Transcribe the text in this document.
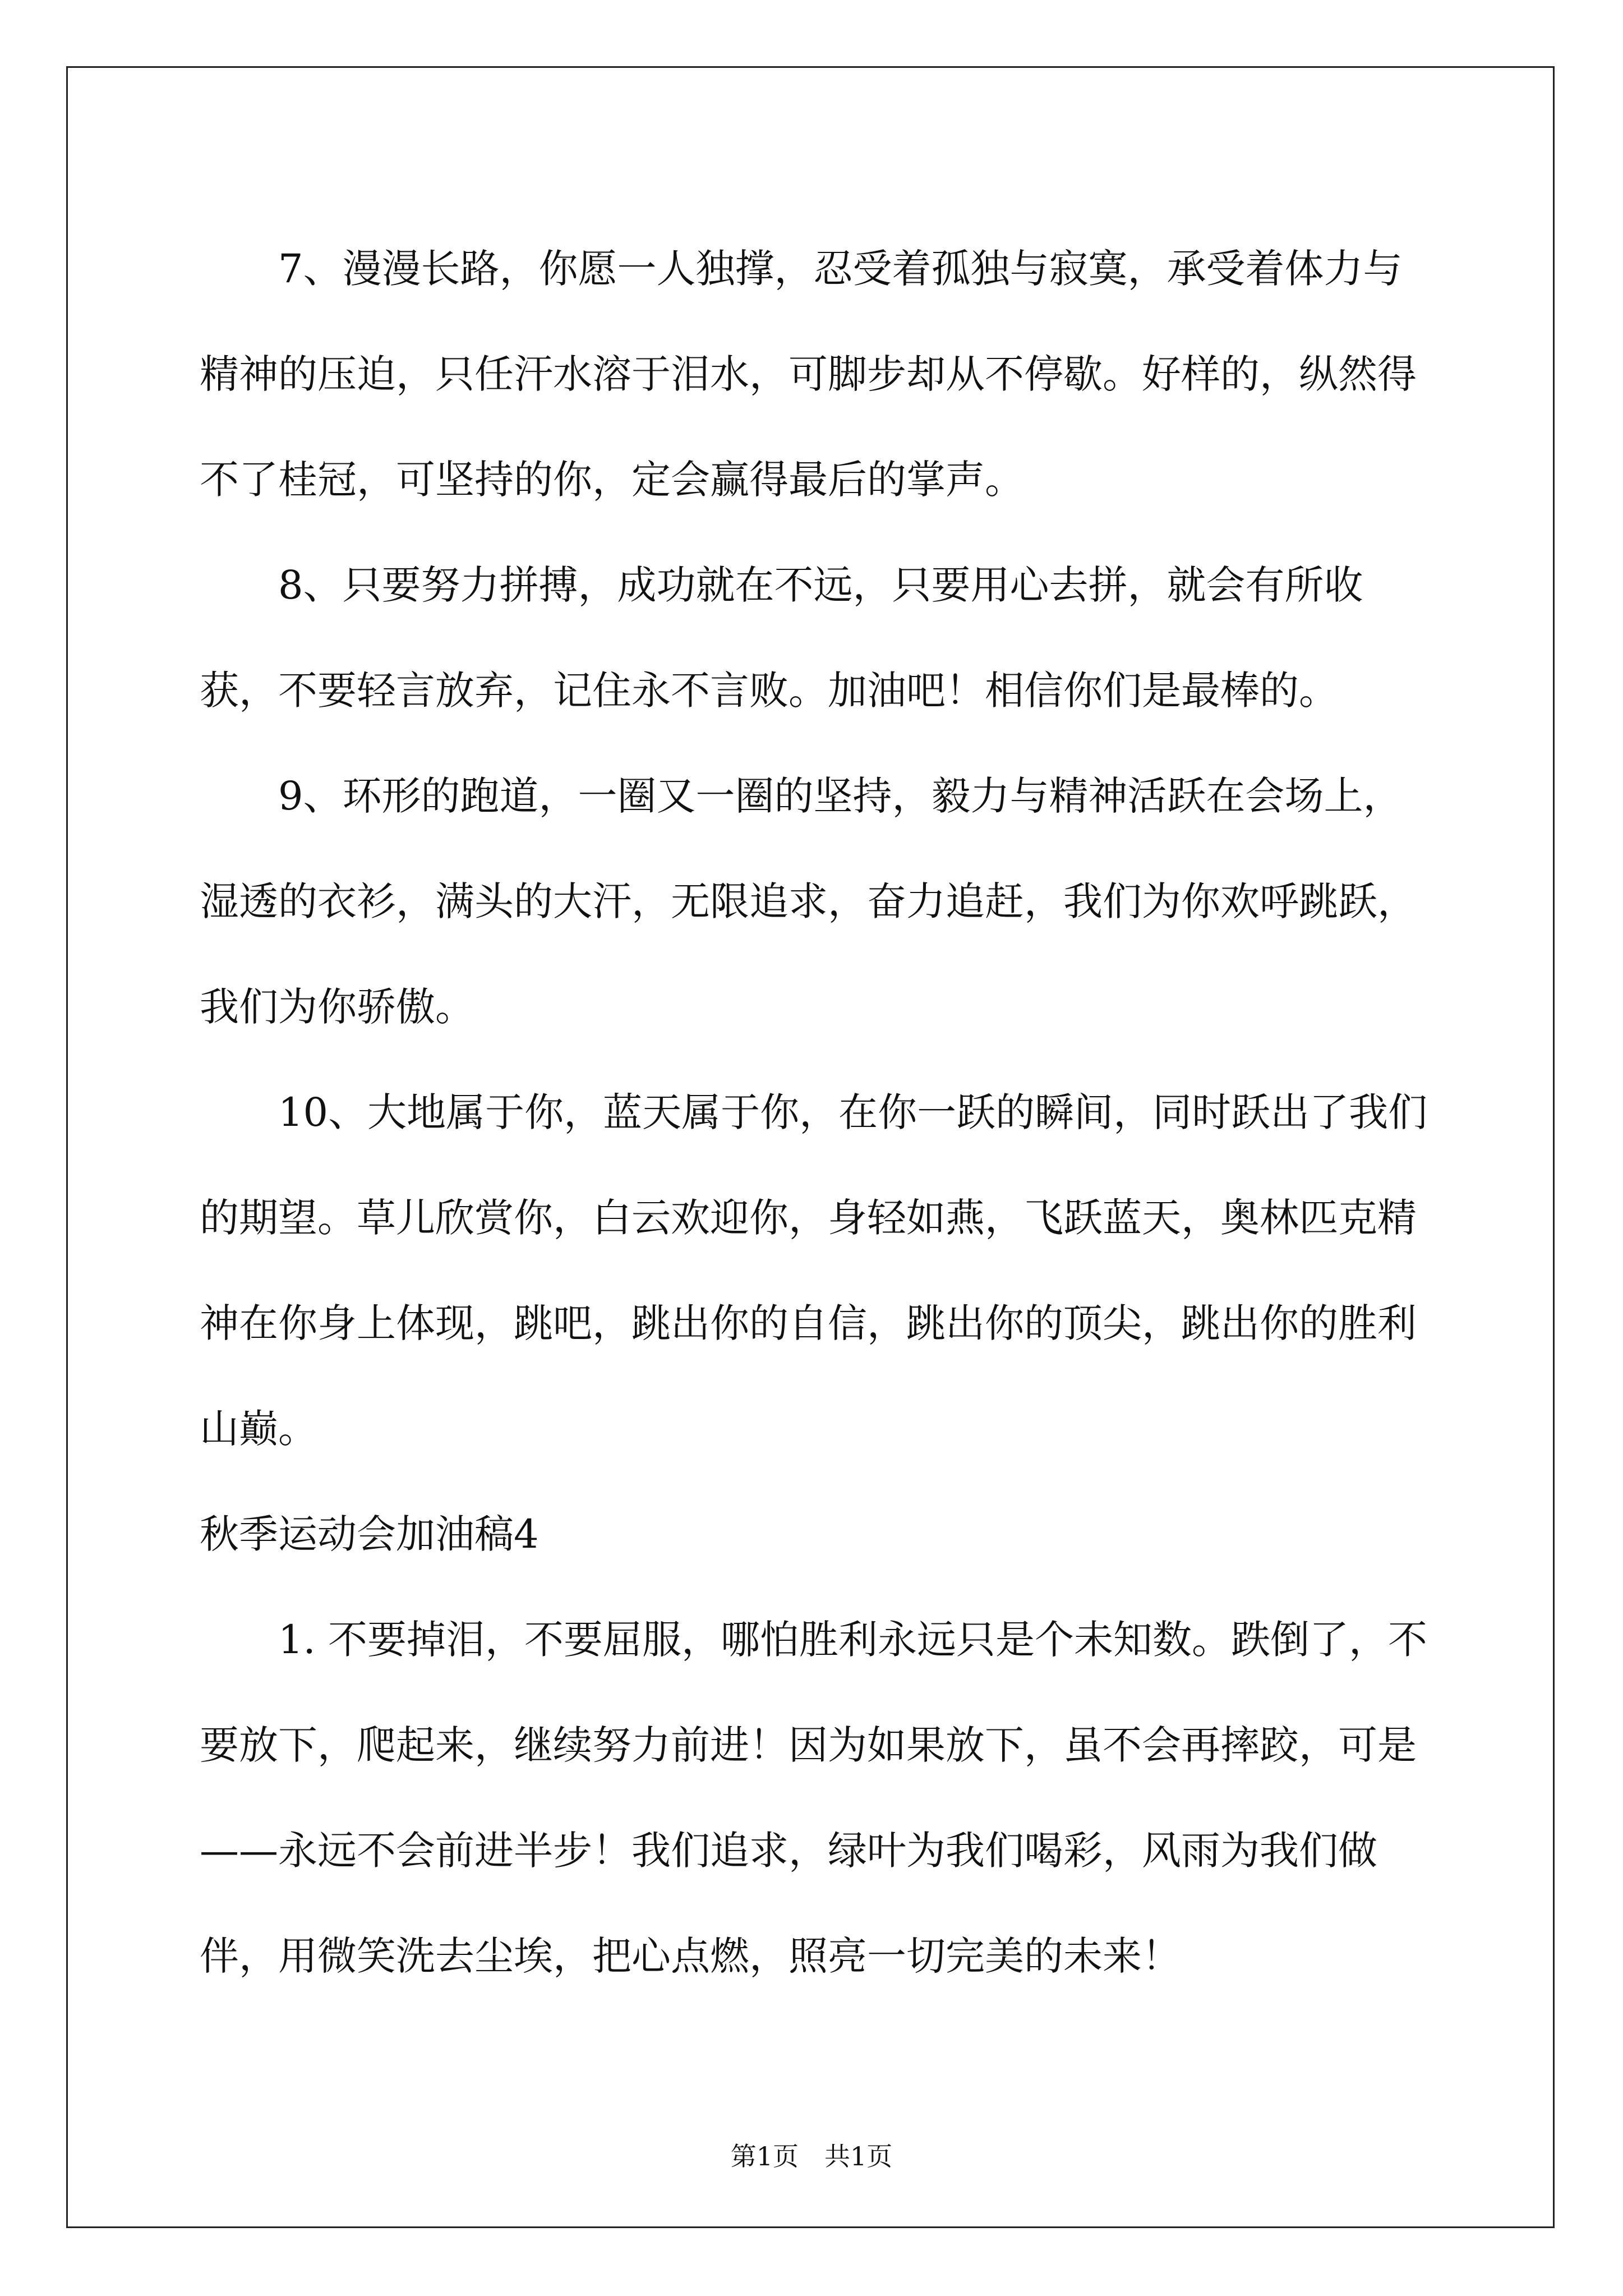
7、漫漫长路，你愿一人独撑，忍受着孤独与寂寞，承受着体力与精神的压迫，只任汗水溶于泪水，可脚步却从不停歇。好样的，纵然得不了桂冠，可坚持的你，定会赢得最后的掌声。

8、只要努力拼搏，成功就在不远，只要用心去拼，就会有所收获，不要轻言放弃，记住永不言败。加油吧！相信你们是最棒的。

9、环形的跑道，一圈又一圈的坚持，毅力与精神活跃在会场上，湿透的衣衫，满头的大汗，无限追求，奋力追赶，我们为你欢呼跳跃，我们为你骄傲。

10、大地属于你，蓝天属于你，在你一跃的瞬间，同时跃出了我们的期望。草儿欣赏你，白云欢迎你，身轻如燕，飞跃蓝天，奥林匹克精神在你身上体现，跳吧，跳出你的自信，跳出你的顶尖，跳出你的胜利山巅。

秋季运动会加油稿4

1. 不要掉泪，不要屈服，哪怕胜利永远只是个未知数。跌倒了，不要放下，爬起来，继续努力前进！因为如果放下，虽不会再摔跤，可是——永远不会前进半步！我们追求，绿叶为我们喝彩，风雨为我们做伴，用微笑洗去尘埃，把心点燃，照亮一切完美的未来！

第1页　共1页
